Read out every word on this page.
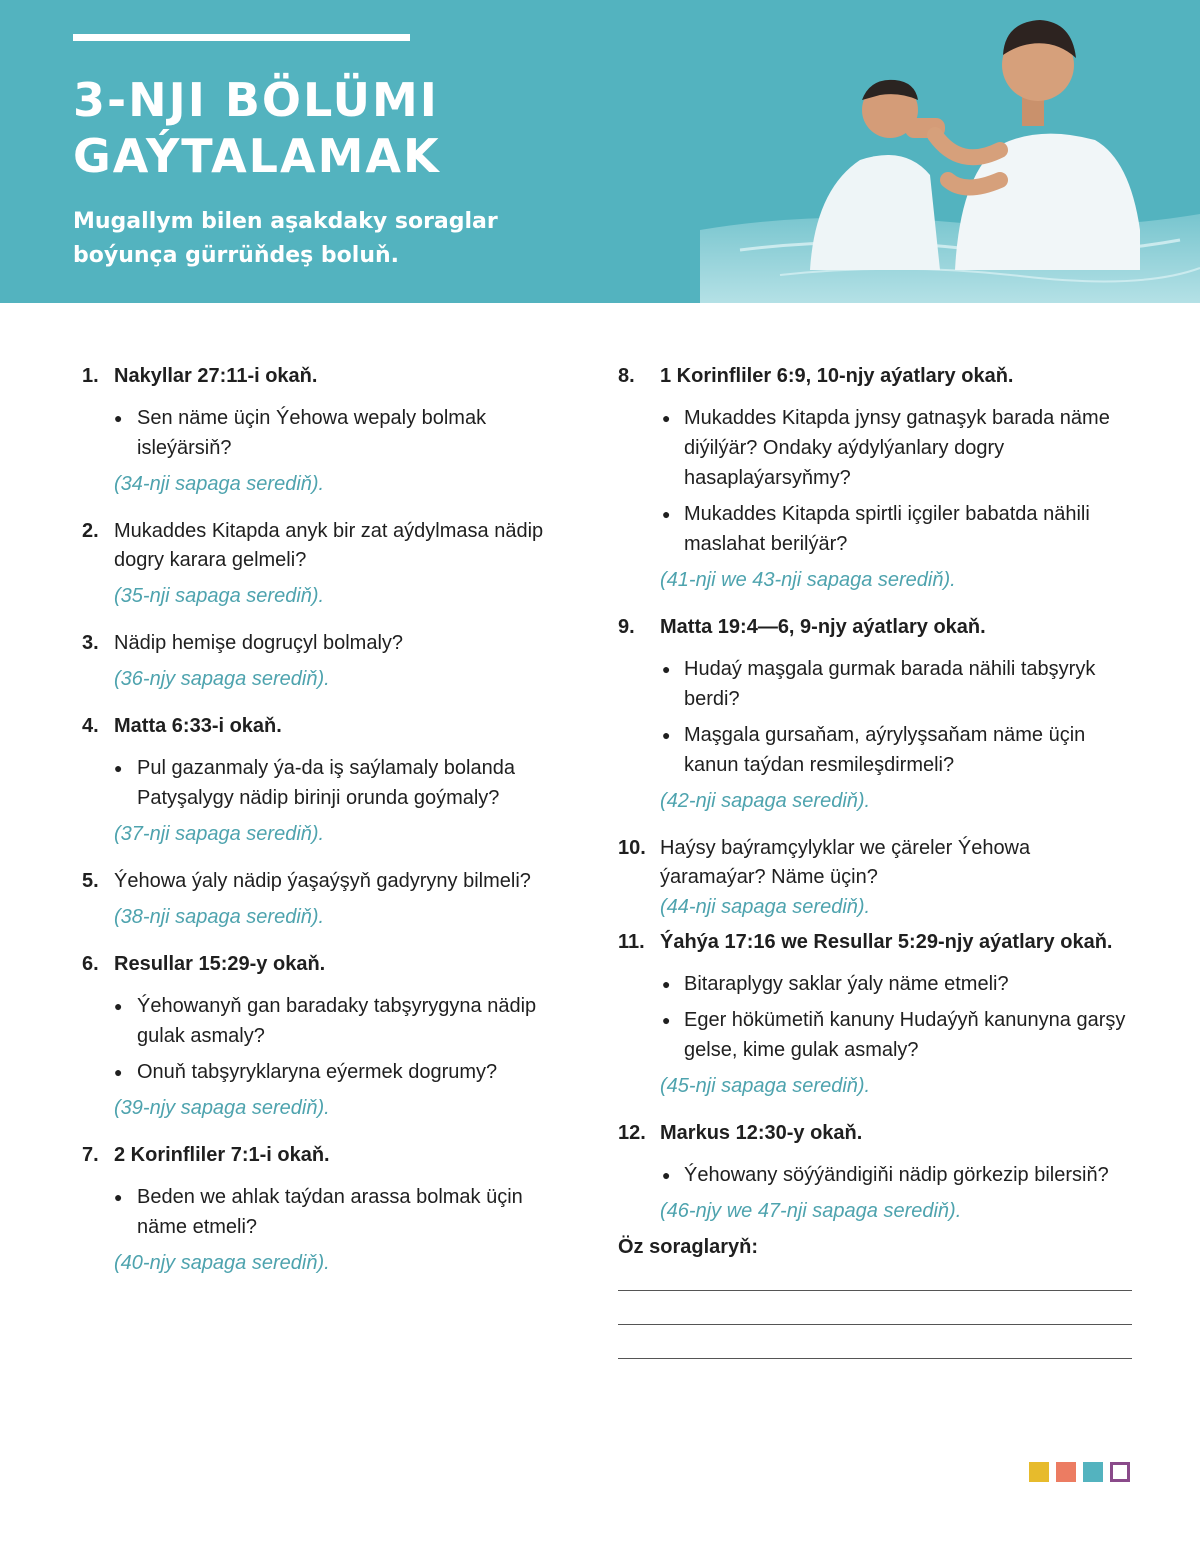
3-NJI BÖLÜMI
GAÝTALAMAK

Mugallym bilen aşakdaky soraglar
boýunça gürrüňdeş boluň.

1. Nakyllar 27:11-i okaň.
● Sen näme üçin Ýehowa wepaly bolmak isleýärsiň?
(34-nji sapaga serediň).
2. Mukaddes Kitapda anyk bir zat aýdylmasa nädip dogry karara gelmeli?
(35-nji sapaga serediň).
3. Nädip hemişe dogruçyl bolmaly?
(36-njy sapaga serediň).
4. Matta 6:33-i okaň.
● Pul gazanmaly ýa-da iş saýlamaly bolanda Patyşalygy nädip birinji orunda goýmaly?
(37-nji sapaga serediň).
5. Ýehowa ýaly nädip ýaşaýşyň gadyryny bilmeli?
(38-nji sapaga serediň).
6. Resullar 15:29-y okaň.
● Ýehowanyň gan baradaky tabşyrygyna nädip gulak asmaly?
● Onuň tabşyryklaryna eýermek dogrumy?
(39-njy sapaga serediň).
7. 2 Korinfliler 7:1-i okaň.
● Beden we ahlak taýdan arassa bolmak üçin näme etmeli?
(40-njy sapaga serediň).
8. 1 Korinfliler 6:9, 10-njy aýatlary okaň.
● Mukaddes Kitapda jynsy gatnaşyk barada näme diýilýär? Ondaky aýdylýanlary dogry hasaplaýarsyňmy?
● Mukaddes Kitapda spirtli içgiler babatda nähili maslahat berilýär?
(41-nji we 43-nji sapaga serediň).
9. Matta 19:4—6, 9-njy aýatlary okaň.
● Hudaý maşgala gurmak barada nähili tabşyryk berdi?
● Maşgala gursaňam, aýrylyşsaňam näme üçin kanun taýdan resmileşdirmeli?
(42-nji sapaga serediň).
10. Haýsy baýramçylyklar we çäreler Ýehowa ýaramaýar? Näme üçin?
(44-nji sapaga serediň).
11. Ýahýa 17:16 we Resullar 5:29-njy aýatlary okaň.
● Bitaraplygy saklar ýaly näme etmeli?
● Eger hökümetiň kanuny Hudaýyň kanunyna garşy gelse, kime gulak asmaly?
(45-nji sapaga serediň).
12. Markus 12:30-y okaň.
● Ýehowany söýýändigiňi nädip görkezip bilersiň?
(46-njy we 47-nji sapaga serediň).
Öz soraglaryň:
